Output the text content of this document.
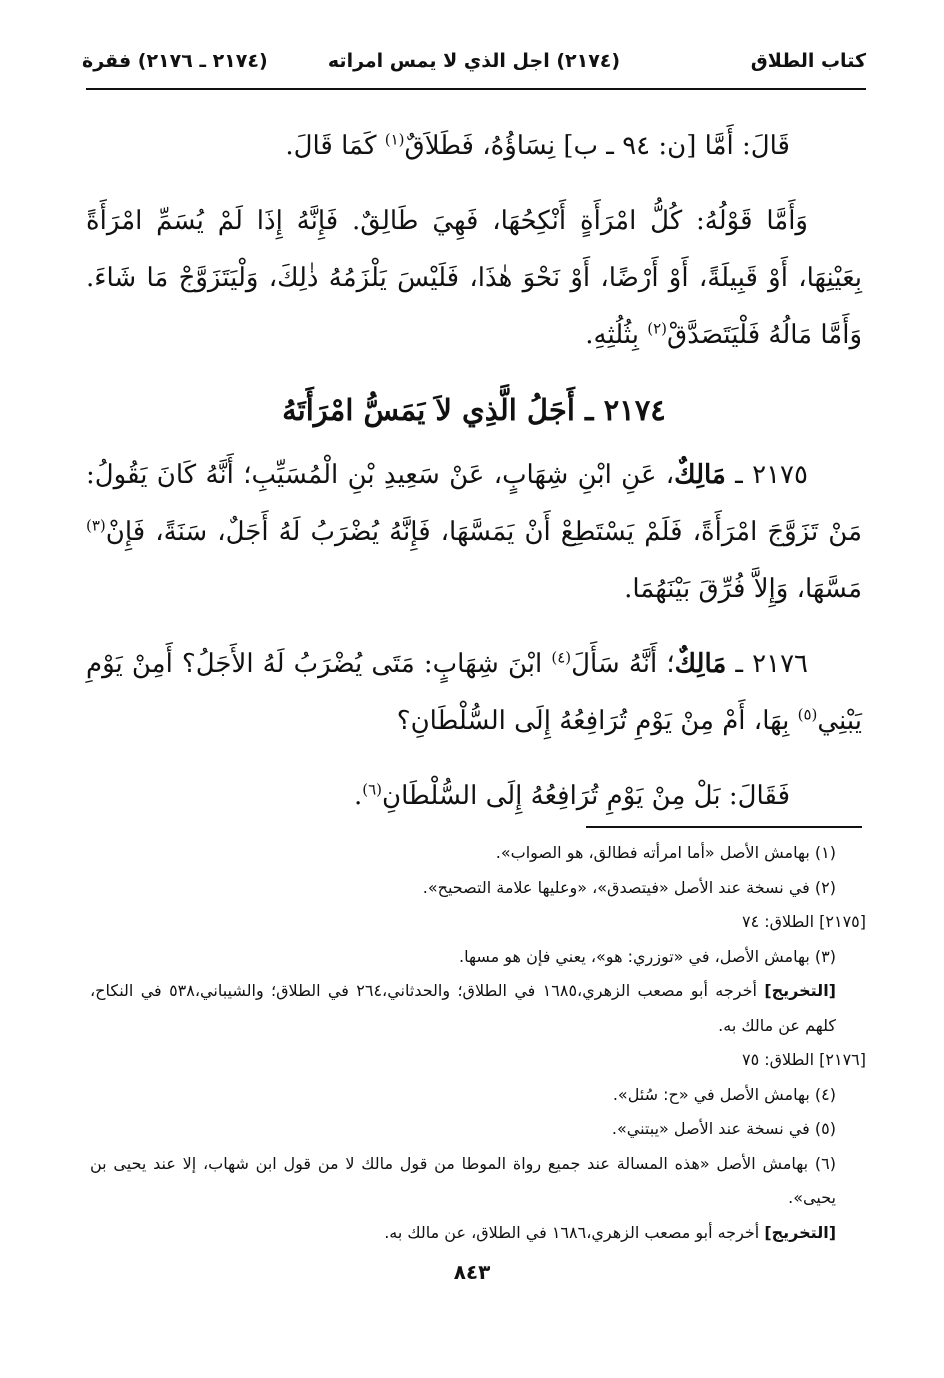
كتاب الطلاق
(٢١٧٤) اجل الذي لا يمس امراته
(٢١٧٤ ـ ٢١٧٦) فقرة

قَالَ: أَمَّا [ن: ٩٤ ـ ب] نِسَاؤُهُ، فَطَلاَقٌ$^{(١)}$ كَمَا قَالَ.

وَأَمَّا قَوْلُهُ: كُلُّ امْرَأَةٍ أَنْكِحُهَا، فَهِيَ طَالِقٌ. فَإِنَّهُ إِذَا لَمْ يُسَمِّ امْرَأَةً بِعَيْنِهَا، أَوْ قَبِيلَةً، أَوْ أَرْضًا، أَوْ نَحْوَ هٰذَا، فَلَيْسَ يَلْزَمُهُ ذٰلِكَ، وَلْيَتَزَوَّجْ مَا شَاءَ. وَأَمَّا مَالُهُ فَلْيَتَصَدَّقْ$^{(٢)}$ بِثُلُثِهِ.

٢١٧٤ ـ أَجَلُ الَّذِي لاَ يَمَسُّ امْرَأَتَهُ

٢١٧٥ ـ مَالِكٌ، عَنِ ابْنِ شِهَابٍ، عَنْ سَعِيدِ بْنِ الْمُسَيِّبِ؛ أَنَّهُ كَانَ يَقُولُ: مَنْ تَزَوَّجَ امْرَأَةً، فَلَمْ يَسْتَطِعْ أَنْ يَمَسَّهَا، فَإِنَّهُ يُضْرَبُ لَهُ أَجَلٌ، سَنَةً، فَإِنْ$^{(٣)}$ مَسَّهَا، وَإِلاَّ فُرِّقَ بَيْنَهُمَا.

٢١٧٦ ـ مَالِكٌ؛ أَنَّهُ سَأَلَ$^{(٤)}$ ابْنَ شِهَابٍ: مَتَى يُضْرَبُ لَهُ الأَجَلُ؟ أَمِنْ يَوْمِ يَبْنِي$^{(٥)}$ بِهَا، أَمْ مِنْ يَوْمِ تُرَافِعُهُ إِلَى السُّلْطَانِ؟

فَقَالَ: بَلْ مِنْ يَوْمِ تُرَافِعُهُ إِلَى السُّلْطَانِ$^{(٦)}$.

(١) بهامش الأصل «أما امرأته فطالق، هو الصواب».

(٢) في نسخة عند الأصل «فيتصدق»، «وعليها علامة التصحيح».

[٢١٧٥] الطلاق: ٧٤

(٣) بهامش الأصل، في «توزري: هو»، يعني فإن هو مسها.

[التخريج] أخرجه أبو مصعب الزهري،١٦٨٥ في الطلاق؛ والحدثاني،٢٦٤ في الطلاق؛ والشيباني،٥٣٨ في النكاح، كلهم عن مالك به.

[٢١٧٦] الطلاق: ٧٥

(٤) بهامش الأصل في «ح: سُئل».

(٥) في نسخة عند الأصل «يبتني».

(٦) بهامش الأصل «هذه المسالة عند جميع رواة الموطا من قول مالك لا من قول ابن شهاب، إلا عند يحيى بن يحيى».

[التخريج] أخرجه أبو مصعب الزهري،١٦٨٦ في الطلاق، عن مالك به.

٨٤٣
